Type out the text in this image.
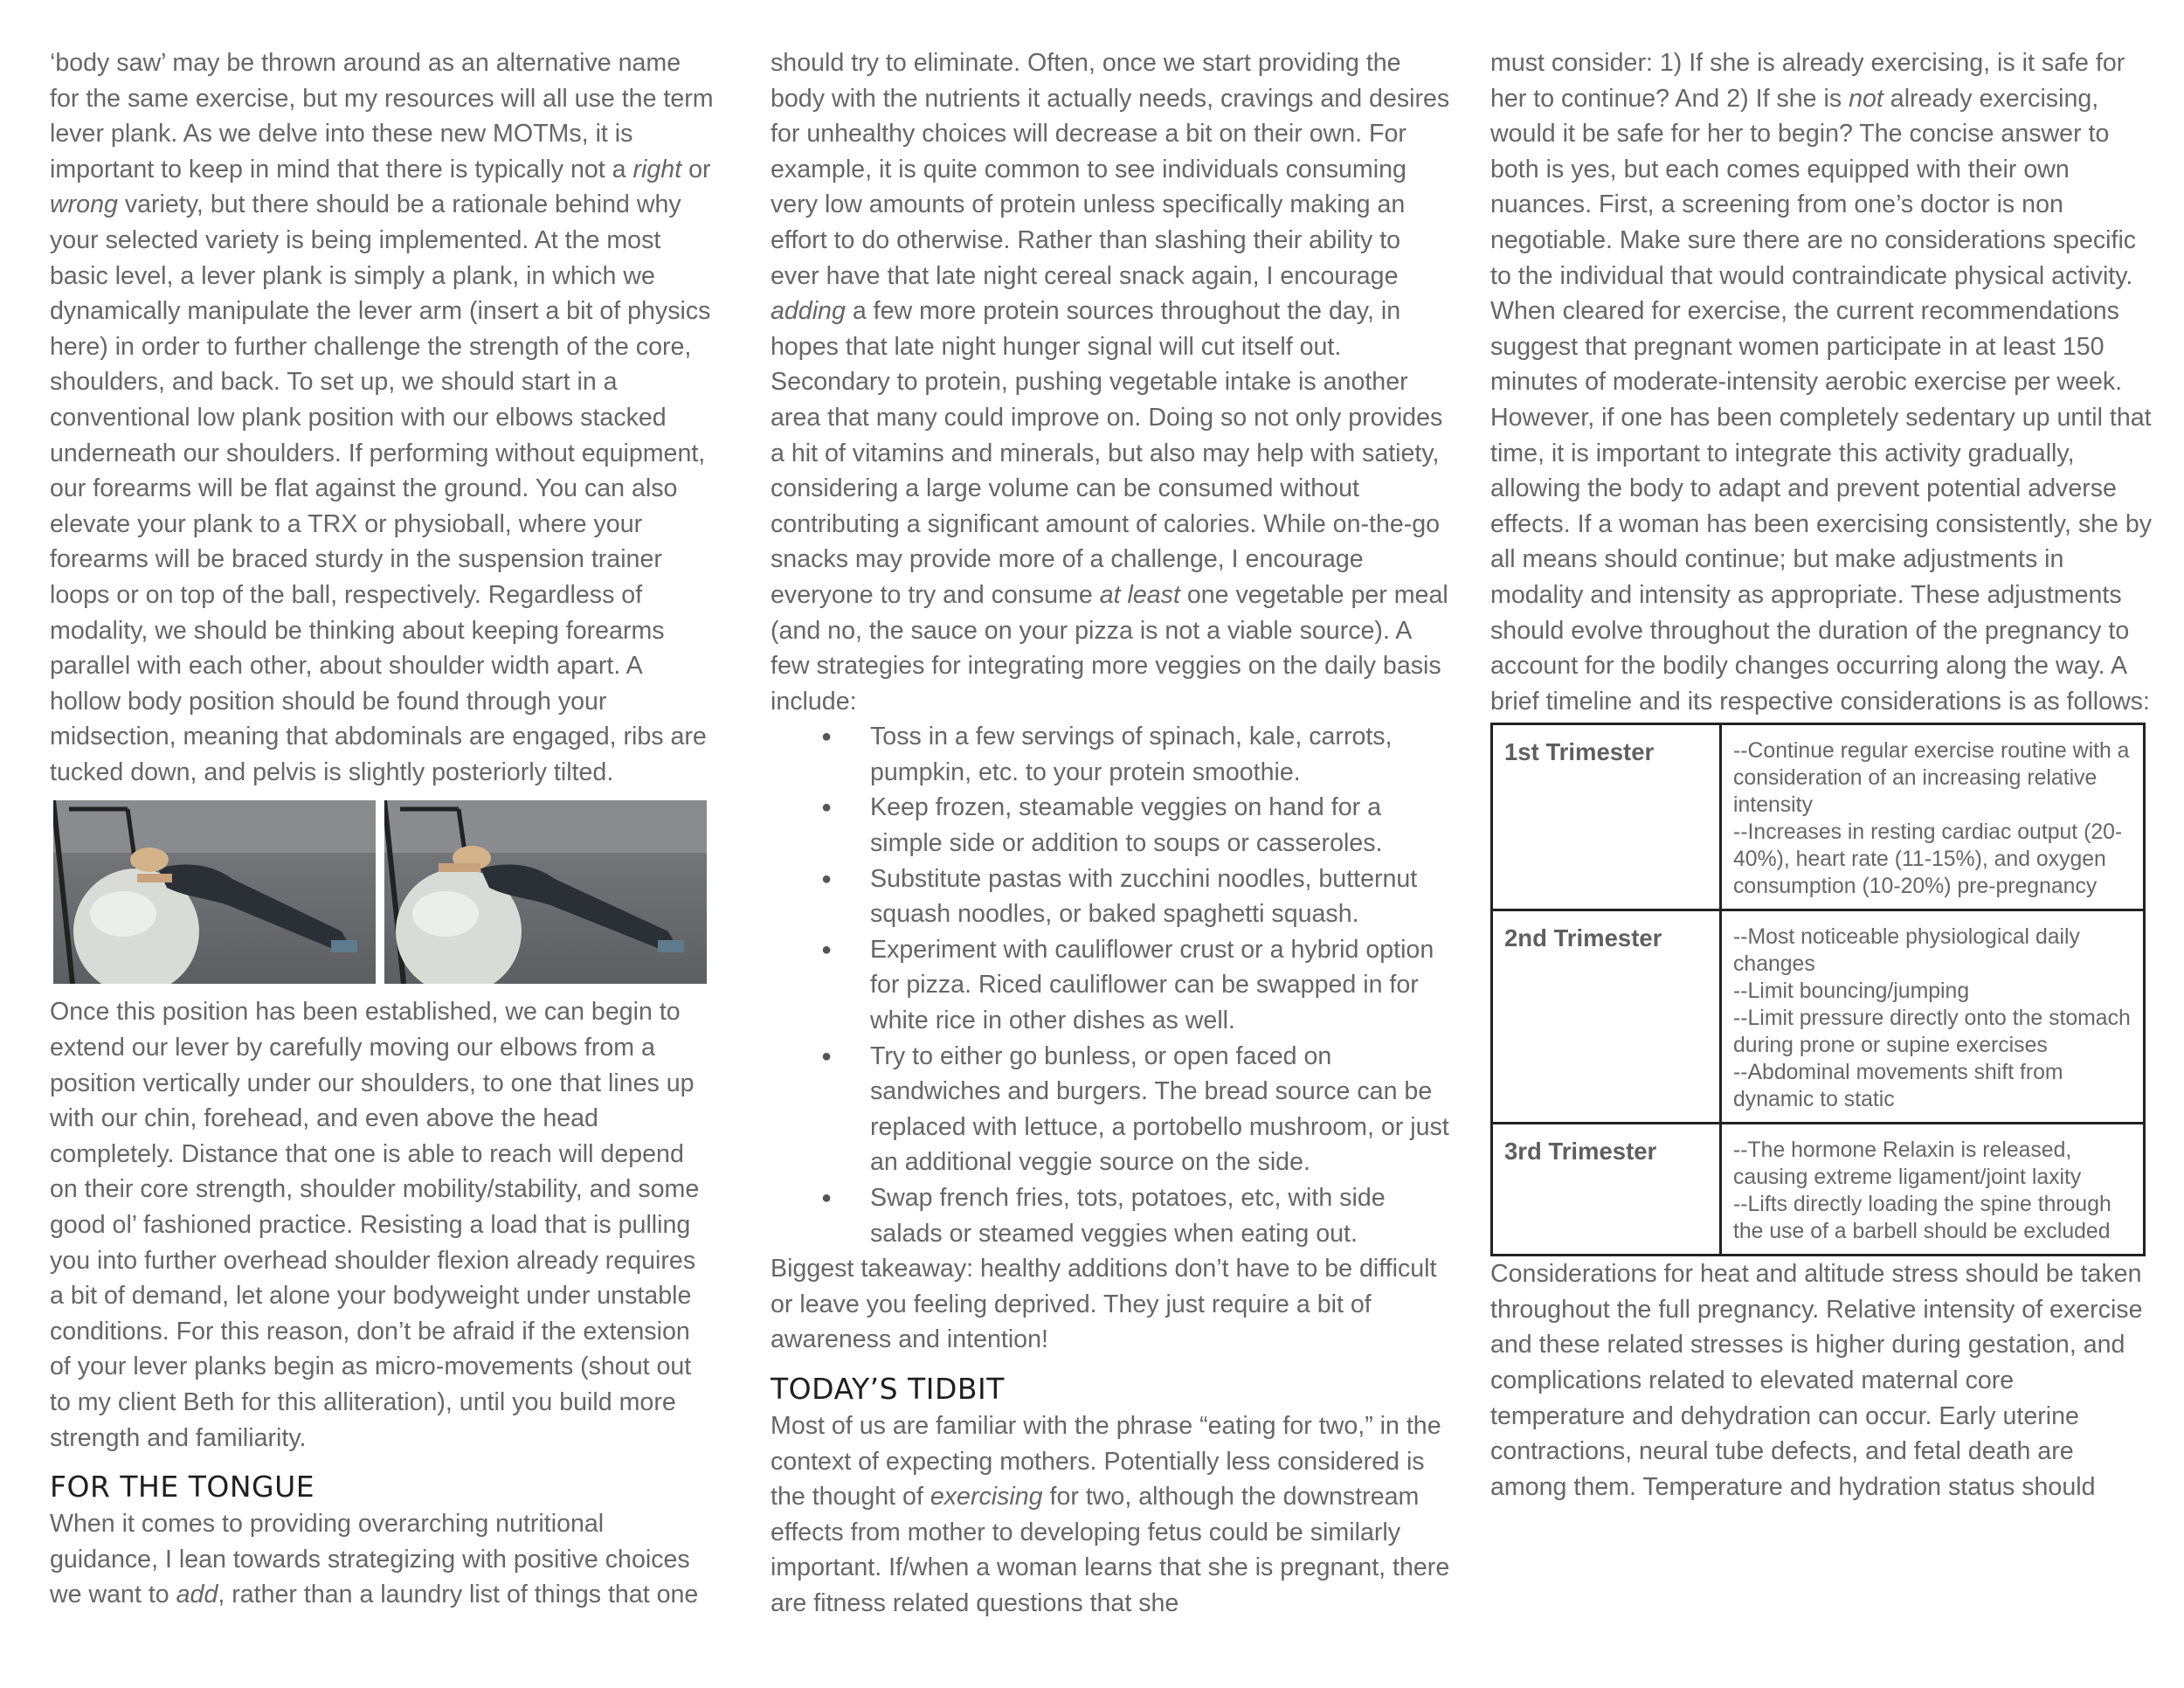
‘body saw’ may be thrown around as an alternative name for the same exercise, but my resources will all use the term lever plank. As we delve into these new MOTMs, it is important to keep in mind that there is typically not a right or wrong variety, but there should be a rationale behind why your selected variety is being implemented. At the most basic level, a lever plank is simply a plank, in which we dynamically manipulate the lever arm (insert a bit of physics here) in order to further challenge the strength of the core, shoulders, and back. To set up, we should start in a conventional low plank position with our elbows stacked underneath our shoulders. If performing without equipment, our forearms will be flat against the ground. You can also elevate your plank to a TRX or physioball, where your forearms will be braced sturdy in the suspension trainer loops or on top of the ball, respectively. Regardless of modality, we should be thinking about keeping forearms parallel with each other, about shoulder width apart. A hollow body position should be found through your midsection, meaning that abdominals are engaged, ribs are tucked down, and pelvis is slightly posteriorly tilted.

Once this position has been established, we can begin to extend our lever by carefully moving our elbows from a position vertically under our shoulders, to one that lines up with our chin, forehead, and even above the head completely. Distance that one is able to reach will depend on their core strength, shoulder mobility/stability, and some good ol’ fashioned practice. Resisting a load that is pulling you into further overhead shoulder flexion already requires a bit of demand, let alone your bodyweight under unstable conditions. For this reason, don’t be afraid if the extension of your lever planks begin as micro-movements (shout out to my client Beth for this alliteration), until you build more strength and familiarity.

FOR THE TONGUE

When it comes to providing overarching nutritional guidance, I lean towards strategizing with positive choices we want to add, rather than a laundry list of things that one

should try to eliminate. Often, once we start providing the body with the nutrients it actually needs, cravings and desires for unhealthy choices will decrease a bit on their own. For example, it is quite common to see individuals consuming very low amounts of protein unless specifically making an effort to do otherwise. Rather than slashing their ability to ever have that late night cereal snack again, I encourage adding a few more protein sources throughout the day, in hopes that late night hunger signal will cut itself out. Secondary to protein, pushing vegetable intake is another area that many could improve on. Doing so not only provides a hit of vitamins and minerals, but also may help with satiety, considering a large volume can be consumed without contributing a significant amount of calories. While on-the-go snacks may provide more of a challenge, I encourage everyone to try and consume at least one vegetable per meal (and no, the sauce on your pizza is not a viable source). A few strategies for integrating more veggies on the daily basis include:

● Toss in a few servings of spinach, kale, carrots, pumpkin, etc. to your protein smoothie.
● Keep frozen, steamable veggies on hand for a simple side or addition to soups or casseroles.
● Substitute pastas with zucchini noodles, butternut squash noodles, or baked spaghetti squash.
● Experiment with cauliflower crust or a hybrid option for pizza. Riced cauliflower can be swapped in for white rice in other dishes as well.
● Try to either go bunless, or open faced on sandwiches and burgers. The bread source can be replaced with lettuce, a portobello mushroom, or just an additional veggie source on the side.
● Swap french fries, tots, potatoes, etc, with side salads or steamed veggies when eating out.

Biggest takeaway: healthy additions don’t have to be difficult or leave you feeling deprived. They just require a bit of awareness and intention!

TODAY’S TIDBIT

Most of us are familiar with the phrase “eating for two,” in the context of expecting mothers. Potentially less considered is the thought of exercising for two, although the downstream effects from mother to developing fetus could be similarly important. If/when a woman learns that she is pregnant, there are fitness related questions that she

must consider: 1) If she is already exercising, is it safe for her to continue? And 2) If she is not already exercising, would it be safe for her to begin? The concise answer to both is yes, but each comes equipped with their own nuances. First, a screening from one’s doctor is non negotiable. Make sure there are no considerations specific to the individual that would contraindicate physical activity. When cleared for exercise, the current recommendations suggest that pregnant women participate in at least 150 minutes of moderate-intensity aerobic exercise per week. However, if one has been completely sedentary up until that time, it is important to integrate this activity gradually, allowing the body to adapt and prevent potential adverse effects. If a woman has been exercising consistently, she by all means should continue; but make adjustments in modality and intensity as appropriate. These adjustments should evolve throughout the duration of the pregnancy to account for the bodily changes occurring along the way. A brief timeline and its respective considerations is as follows:

1st Trimester	--Continue regular exercise routine with a consideration of an increasing relative intensity
--Increases in resting cardiac output (20-40%), heart rate (11-15%), and oxygen consumption (10-20%) pre-pregnancy

2nd Trimester	--Most noticeable physiological daily changes
--Limit bouncing/jumping
--Limit pressure directly onto the stomach during prone or supine exercises
--Abdominal movements shift from dynamic to static

3rd Trimester	--The hormone Relaxin is released, causing extreme ligament/joint laxity
--Lifts directly loading the spine through the use of a barbell should be excluded

Considerations for heat and altitude stress should be taken throughout the full pregnancy. Relative intensity of exercise and these related stresses is higher during gestation, and complications related to elevated maternal core temperature and dehydration can occur. Early uterine contractions, neural tube defects, and fetal death are among them. Temperature and hydration status should
